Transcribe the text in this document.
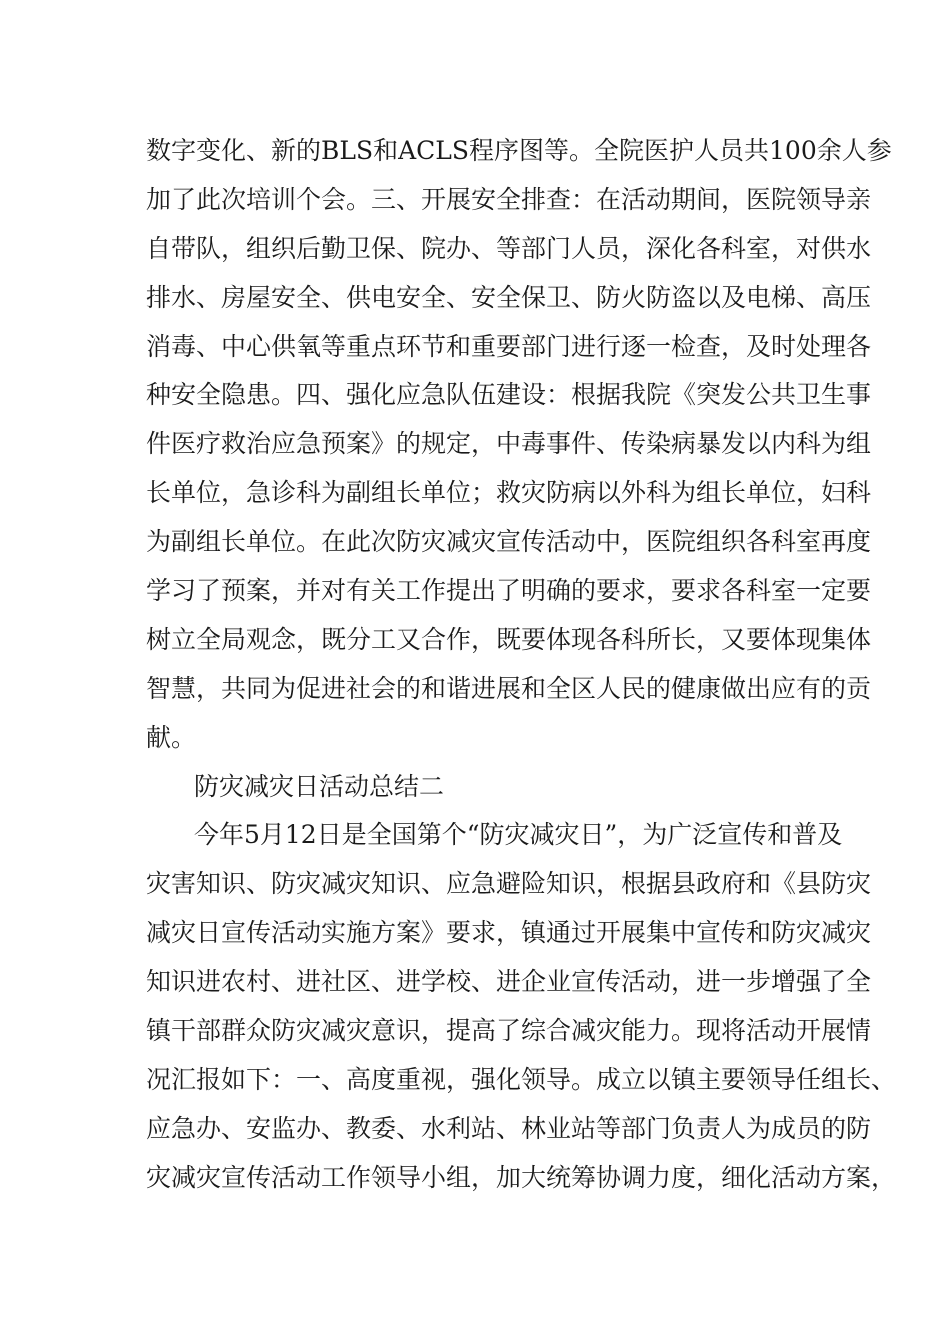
数字变化、新的BLS和ACLS程序图等。全院医护人员共100余人参
加了此次培训个会。三、开展安全排查：在活动期间，医院领导亲
自带队，组织后勤卫保、院办、等部门人员，深化各科室，对供水
排水、房屋安全、供电安全、安全保卫、防火防盗以及电梯、高压
消毒、中心供氧等重点环节和重要部门进行逐一检查，及时处理各
种安全隐患。四、强化应急队伍建设：根据我院《突发公共卫生事
件医疗救治应急预案》的规定，中毒事件、传染病暴发以内科为组
长单位，急诊科为副组长单位；救灾防病以外科为组长单位，妇科
为副组长单位。在此次防灾减灾宣传活动中，医院组织各科室再度
学习了预案，并对有关工作提出了明确的要求，要求各科室一定要
树立全局观念，既分工又合作，既要体现各科所长，又要体现集体
智慧，共同为促进社会的和谐进展和全区人民的健康做出应有的贡
献。
防灾减灾日活动总结二
今年5月12日是全国第个“防灾减灾日”，为广泛宣传和普及
灾害知识、防灾减灾知识、应急避险知识，根据县政府和《县防灾
减灾日宣传活动实施方案》要求，镇通过开展集中宣传和防灾减灾
知识进农村、进社区、进学校、进企业宣传活动，进一步增强了全
镇干部群众防灾减灾意识，提高了综合减灾能力。现将活动开展情
况汇报如下：一、高度重视，强化领导。成立以镇主要领导任组长、
应急办、安监办、教委、水利站、林业站等部门负责人为成员的防
灾减灾宣传活动工作领导小组，加大统筹协调力度，细化活动方案，
